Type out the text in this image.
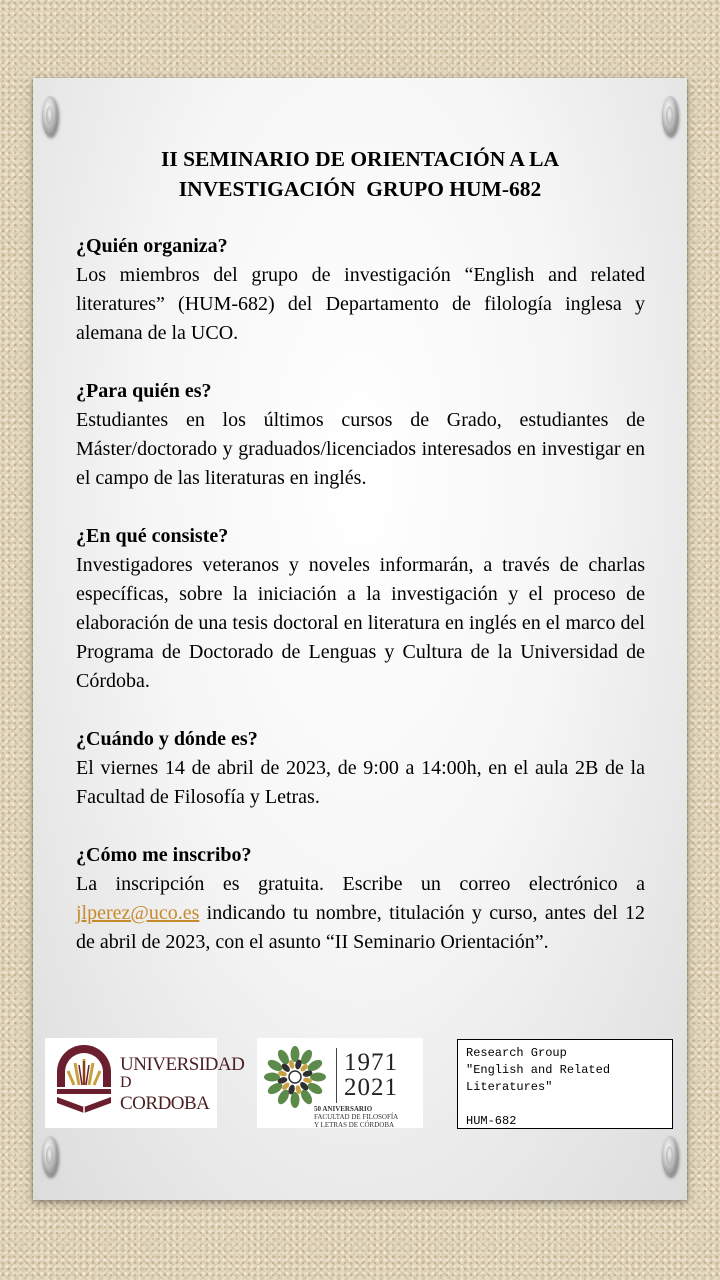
II SEMINARIO DE ORIENTACIÓN A LA
INVESTIGACIÓN  GRUPO HUM-682
¿Quién organiza?

Los miembros del grupo de investigación “English and related literatures” (HUM-682) del Departamento de filología inglesa y alemana de la UCO.

¿Para quién es?

Estudiantes en los últimos cursos de Grado, estudiantes de Máster/doctorado y graduados/licenciados interesados en investigar en el campo de las literaturas en inglés.

¿En qué consiste?

Investigadores veteranos y noveles informarán, a través de charlas específicas, sobre la iniciación a la investigación y el proceso de elaboración de una tesis doctoral en literatura en inglés en el marco del Programa de Doctorado de Lenguas y Cultura de la Universidad de Córdoba.

¿Cuándo y dónde es?

El viernes 14 de abril de 2023, de 9:00 a 14:00h, en el aula 2B de la Facultad de Filosofía y Letras.

¿Cómo me inscribo?

La inscripción es gratuita. Escribe un correo electrónico a jlperez@uco.es indicando tu nombre, titulación y curso, antes del 12 de abril de 2023, con el asunto “II Seminario Orientación”.

UNIVERSIDAD
D
CORDOBA
1971
2021
50 ANIVERSARIO
FACULTAD DE FILOSOFÍA
Y LETRAS DE CÓRDOBA
Research Group
"English and Related
Literatures"
HUM-682
